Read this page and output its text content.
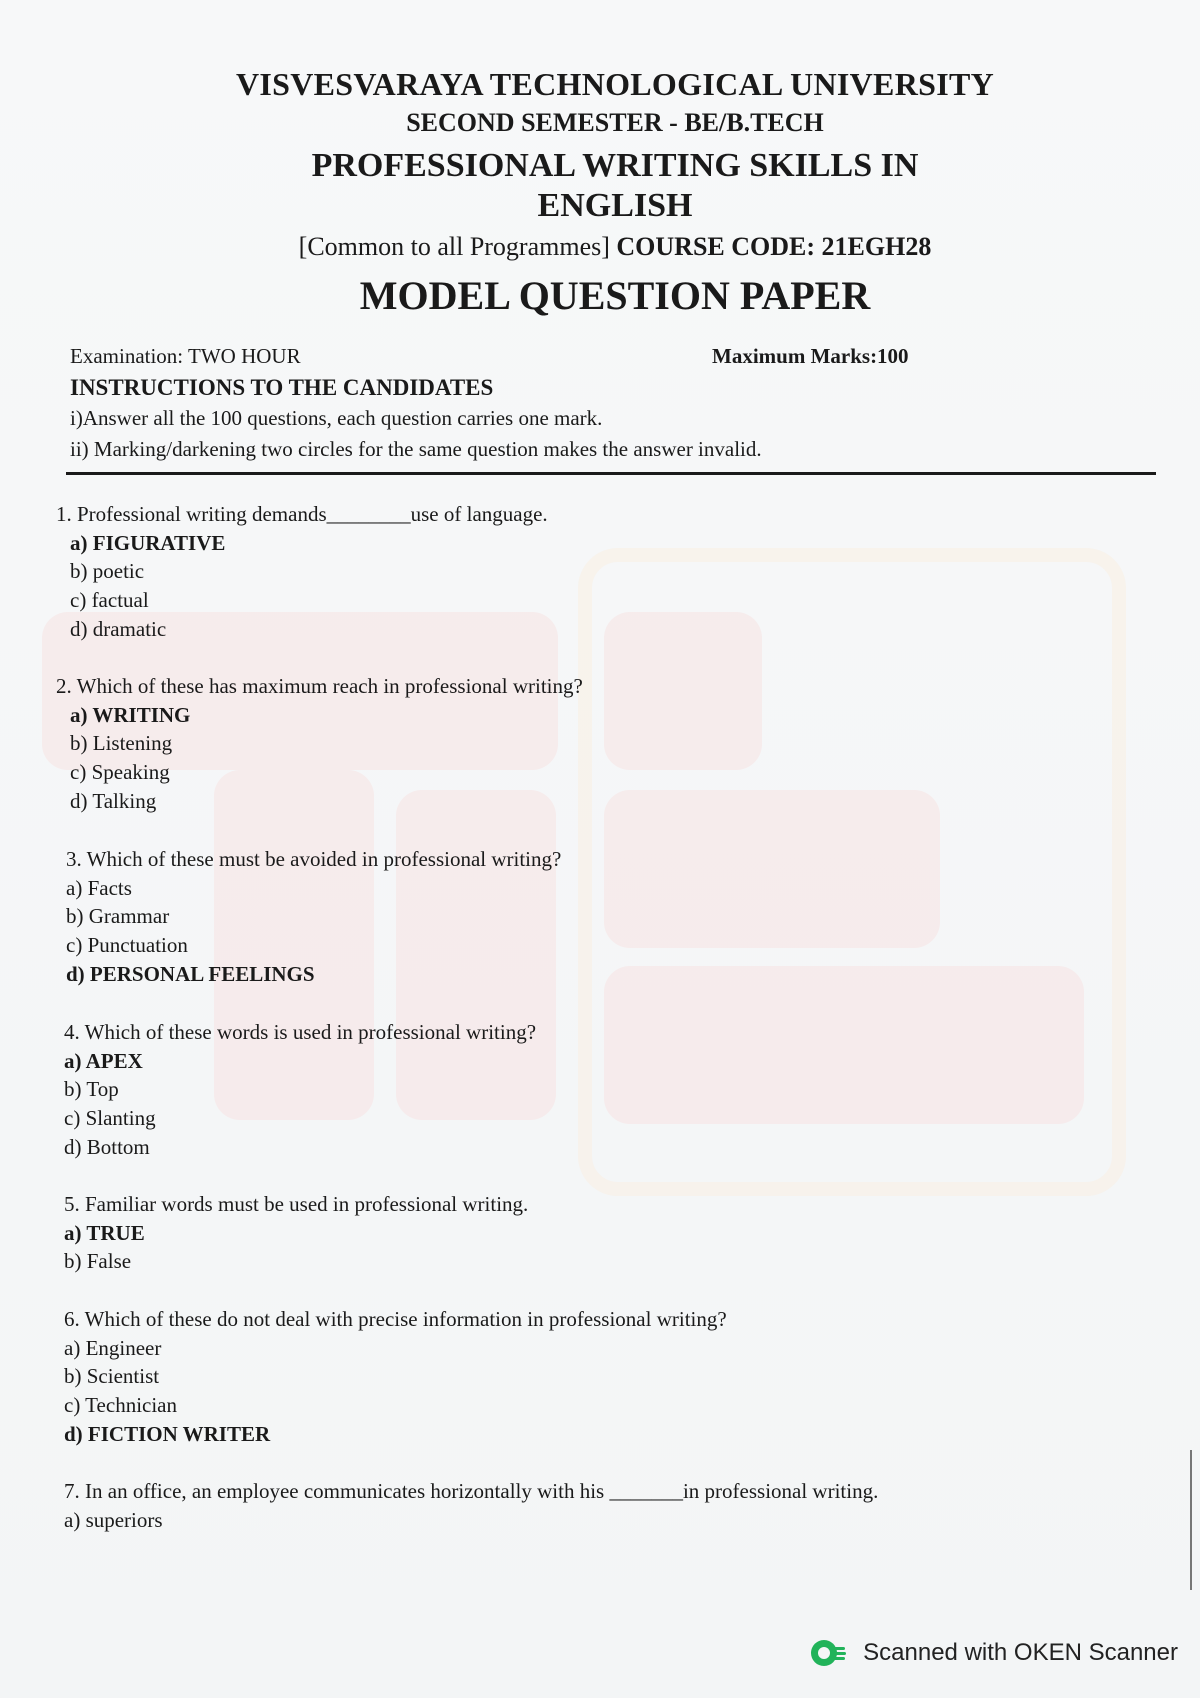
VISVESVARAYA TECHNOLOGICAL UNIVERSITY
SECOND SEMESTER - BE/B.TECH
PROFESSIONAL WRITING SKILLS IN
ENGLISH
[Common to all Programmes] COURSE CODE: 21EGH28
MODEL QUESTION PAPER
Examination: TWO HOUR	Maximum Marks:100
INSTRUCTIONS TO THE CANDIDATES
i)Answer all the 100 questions, each question carries one mark.
ii) Marking/darkening two circles for the same question makes the answer invalid.
1. Professional writing demands________use of language.
a) FIGURATIVE
b) poetic
c) factual
d) dramatic
2. Which of these has maximum reach in professional writing?
a) WRITING
b) Listening
c) Speaking
d) Talking
3. Which of these must be avoided in professional writing?
a) Facts
b) Grammar
c) Punctuation
d) PERSONAL FEELINGS
4. Which of these words is used in professional writing?
a) APEX
b) Top
c) Slanting
d) Bottom
5. Familiar words must be used in professional writing.
a) TRUE
b) False
6. Which of these do not deal with precise information in professional writing?
a) Engineer
b) Scientist
c) Technician
d) FICTION WRITER
7. In an office, an employee communicates horizontally with his _______in professional writing.
a) superiors
Scanned with OKEN Scanner
